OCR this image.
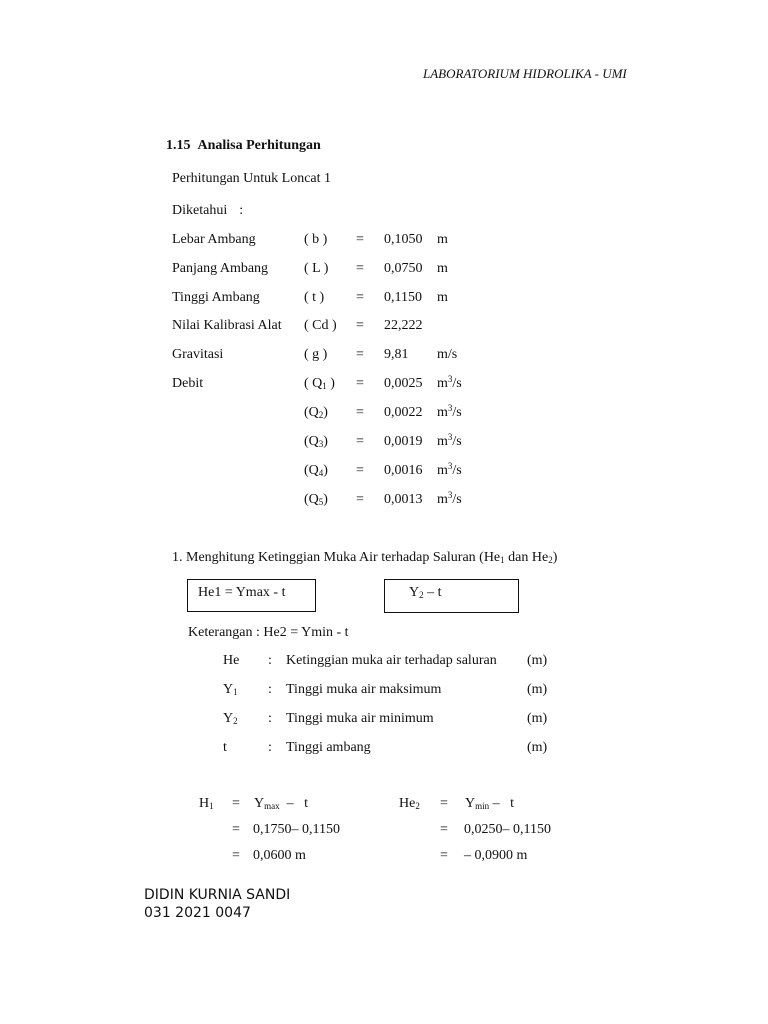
LABORATORIUM HIDROLIKA - UMI
1.15 Analisa Perhitungan
Perhitungan Untuk Loncat 1
Diketahui :
Lebar Ambang	( b ) = 0,1050 m
Panjang Ambang	( L ) = 0,0750 m
Tinggi Ambang	( t ) = 0,1150 m
Nilai Kalibrasi Alat ( Cd ) = 22,222
Gravitasi	( g ) = 9,81 m/s
Debit	( $Q_1$ ) = 0,0025 $m^3/s$
$(Q_2) = 0,0022$ $m^3/s$
$(Q_3) = 0,0019$ $m^3/s$
$(Q_4) = 0,0016$ $m^3/s$
$(Q_5) = 0,0013$ $m^3/s$
1. Menghitung Ketinggian Muka Air terhadap Saluran ($He_1$ dan $He_2$)
He1 = Ymax - t	$Y_2$ – t
Keterangan : He2 = Ymin - t
He : Ketinggian muka air terhadap saluran (m)
$Y_1$ : Tinggi muka air maksimum	(m)
$Y_2$ : Tinggi muka air minimum	(m)
t	: Tinggi ambang	(m)
$H_1 = Y_{max} - t$
= 0,1750– 0,1150
= 0,0600 m
$He_2 = Y_{min} - t$
= 0,0250– 0,1150
= – 0,0900 m
DIDIN KURNIA SANDI
031 2021 0047
